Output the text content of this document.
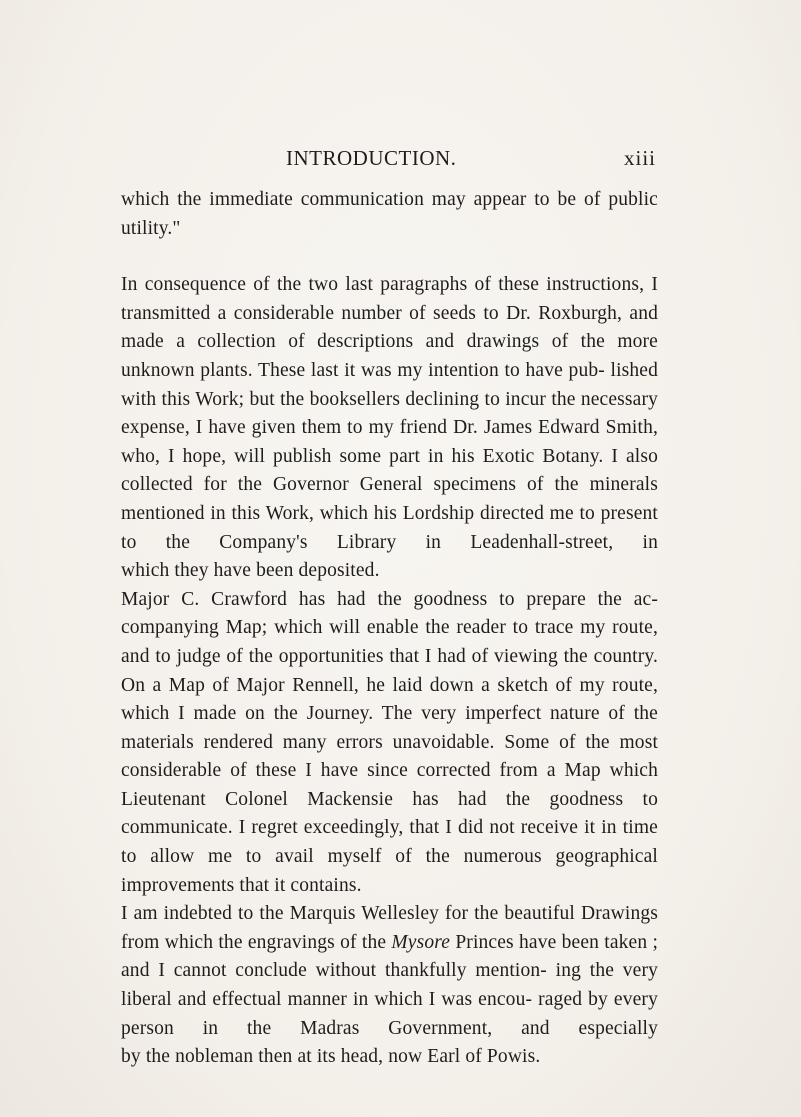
INTRODUCTION.	xiii

which the immediate communication may appear to be of public
utility."

In consequence of the two last paragraphs of these instructions, I transmitted a considerable number of seeds to Dr. Roxburgh, and made a collection of descriptions and drawings of the more unknown plants. These last it was my intention to have pub- lished with this Work; but the booksellers declining to incur the necessary expense, I have given them to my friend Dr. James Edward Smith, who, I hope, will publish some part in his Exotic Botany. I also collected for the Governor General specimens of the minerals mentioned in this Work, which his Lordship directed me to present to the Company's Library in Leadenhall-street, in
which they have been deposited.

Major C. Crawford has had the goodness to prepare the ac- companying Map; which will enable the reader to trace my route, and to judge of the opportunities that I had of viewing the country. On a Map of Major Rennell, he laid down a sketch of my route, which I made on the Journey. The very imperfect nature of the materials rendered many errors unavoidable. Some of the most considerable of these I have since corrected from a Map which Lieutenant Colonel Mackensie has had the goodness to communicate. I regret exceedingly, that I did not receive it in time to allow me to avail myself of the numerous geographical
improvements that it contains.

I am indebted to the Marquis Wellesley for the beautiful Drawings from which the engravings of the Mysore Princes have been taken ; and I cannot conclude without thankfully mention- ing the very liberal and effectual manner in which I was encou- raged by every person in the Madras Government, and especially
by the nobleman then at its head, now Earl of Powis.
